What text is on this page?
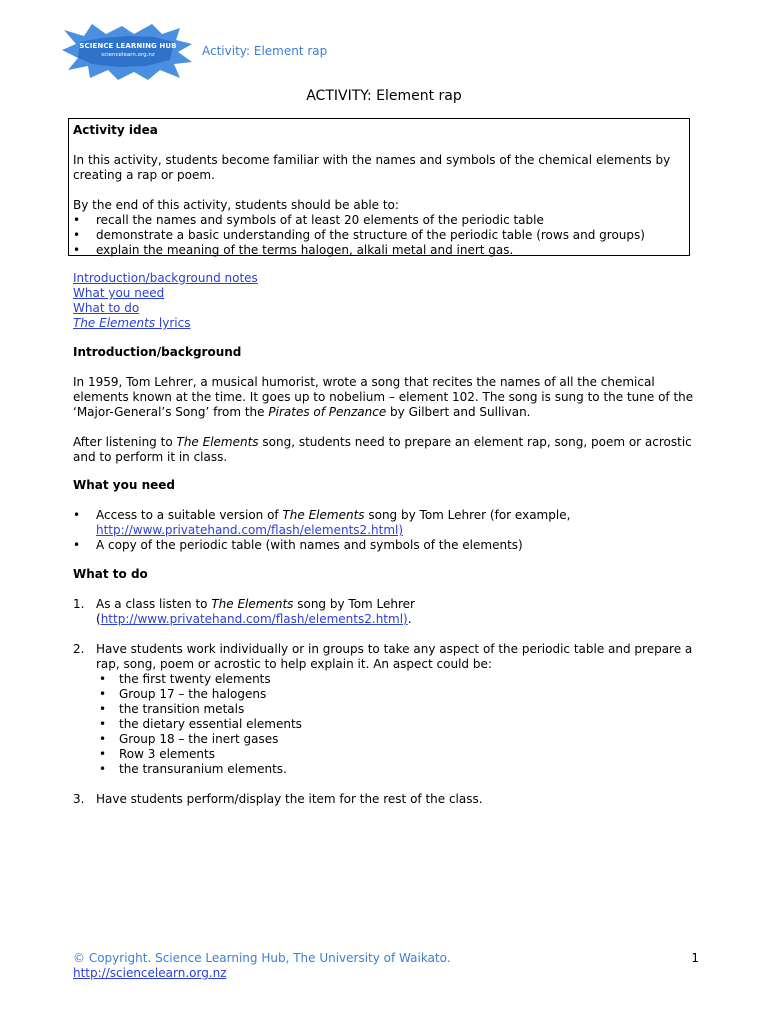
SCIENCE LEARNING HUB
sciencelearn.org.nz	Activity: Element rap
ACTIVITY: Element rap

Activity idea

In this activity, students become familiar with the names and symbols of the chemical elements by creating a rap or poem.

By the end of this activity, students should be able to:

• recall the names and symbols of at least 20 elements of the periodic table
• demonstrate a basic understanding of the structure of the periodic table (rows and groups)
• explain the meaning of the terms halogen, alkali metal and inert gas.

Introduction/background notes

What you need

What to do

The Elements lyrics

Introduction/background

In 1959, Tom Lehrer, a musical humorist, wrote a song that recites the names of all the chemical elements known at the time. It goes up to nobelium – element 102. The song is sung to the tune of the ‘Major-General’s Song’ from the Pirates of Penzance by Gilbert and Sullivan.

After listening to The Elements song, students need to prepare an element rap, song, poem or acrostic and to perform it in class.

What you need

• Access to a suitable version of The Elements song by Tom Lehrer (for example,
http://www.privatehand.com/flash/elements2.html)
• A copy of the periodic table (with names and symbols of the elements)

What to do

1. As a class listen to The Elements song by Tom Lehrer
(http://www.privatehand.com/flash/elements2.html).
2. Have students work individually or in groups to take any aspect of the periodic table and prepare a rap, song, poem or acrostic to help explain it. An aspect could be:
• the first twenty elements
• Group 17 – the halogens
• the transition metals
• the dietary essential elements
• Group 18 – the inert gases
• Row 3 elements
• the transuranium elements.
3. Have students perform/display the item for the rest of the class.
© Copyright. Science Learning Hub, The University of Waikato.
http://sciencelearn.org.nz
1
